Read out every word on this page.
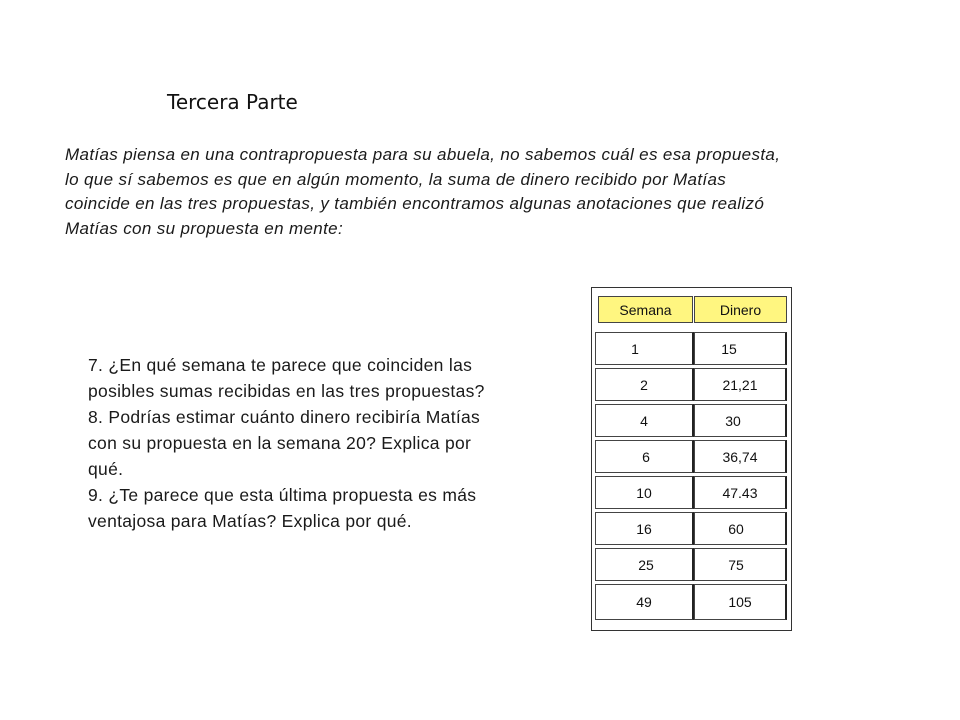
Tercera Parte

Matías piensa en una contrapropuesta para su abuela, no sabemos cuál es esa propuesta, lo que sí sabemos es que en algún momento, la suma de dinero recibido por Matías coincide en las tres propuestas, y también encontramos algunas anotaciones que realizó Matías con su propuesta en mente:

7. ¿En qué semana te parece que coinciden las posibles sumas recibidas en las tres propuestas?

8. Podrías estimar cuánto dinero recibiría Matías con su propuesta en la semana 20? Explica por qué.

9. ¿Te parece que esta última propuesta es más ventajosa para Matías? Explica por qué.

Semana	Dinero
1	15
2	21,21
4	30
6	36,74
10	47.43
16	60
25	75
49	105
